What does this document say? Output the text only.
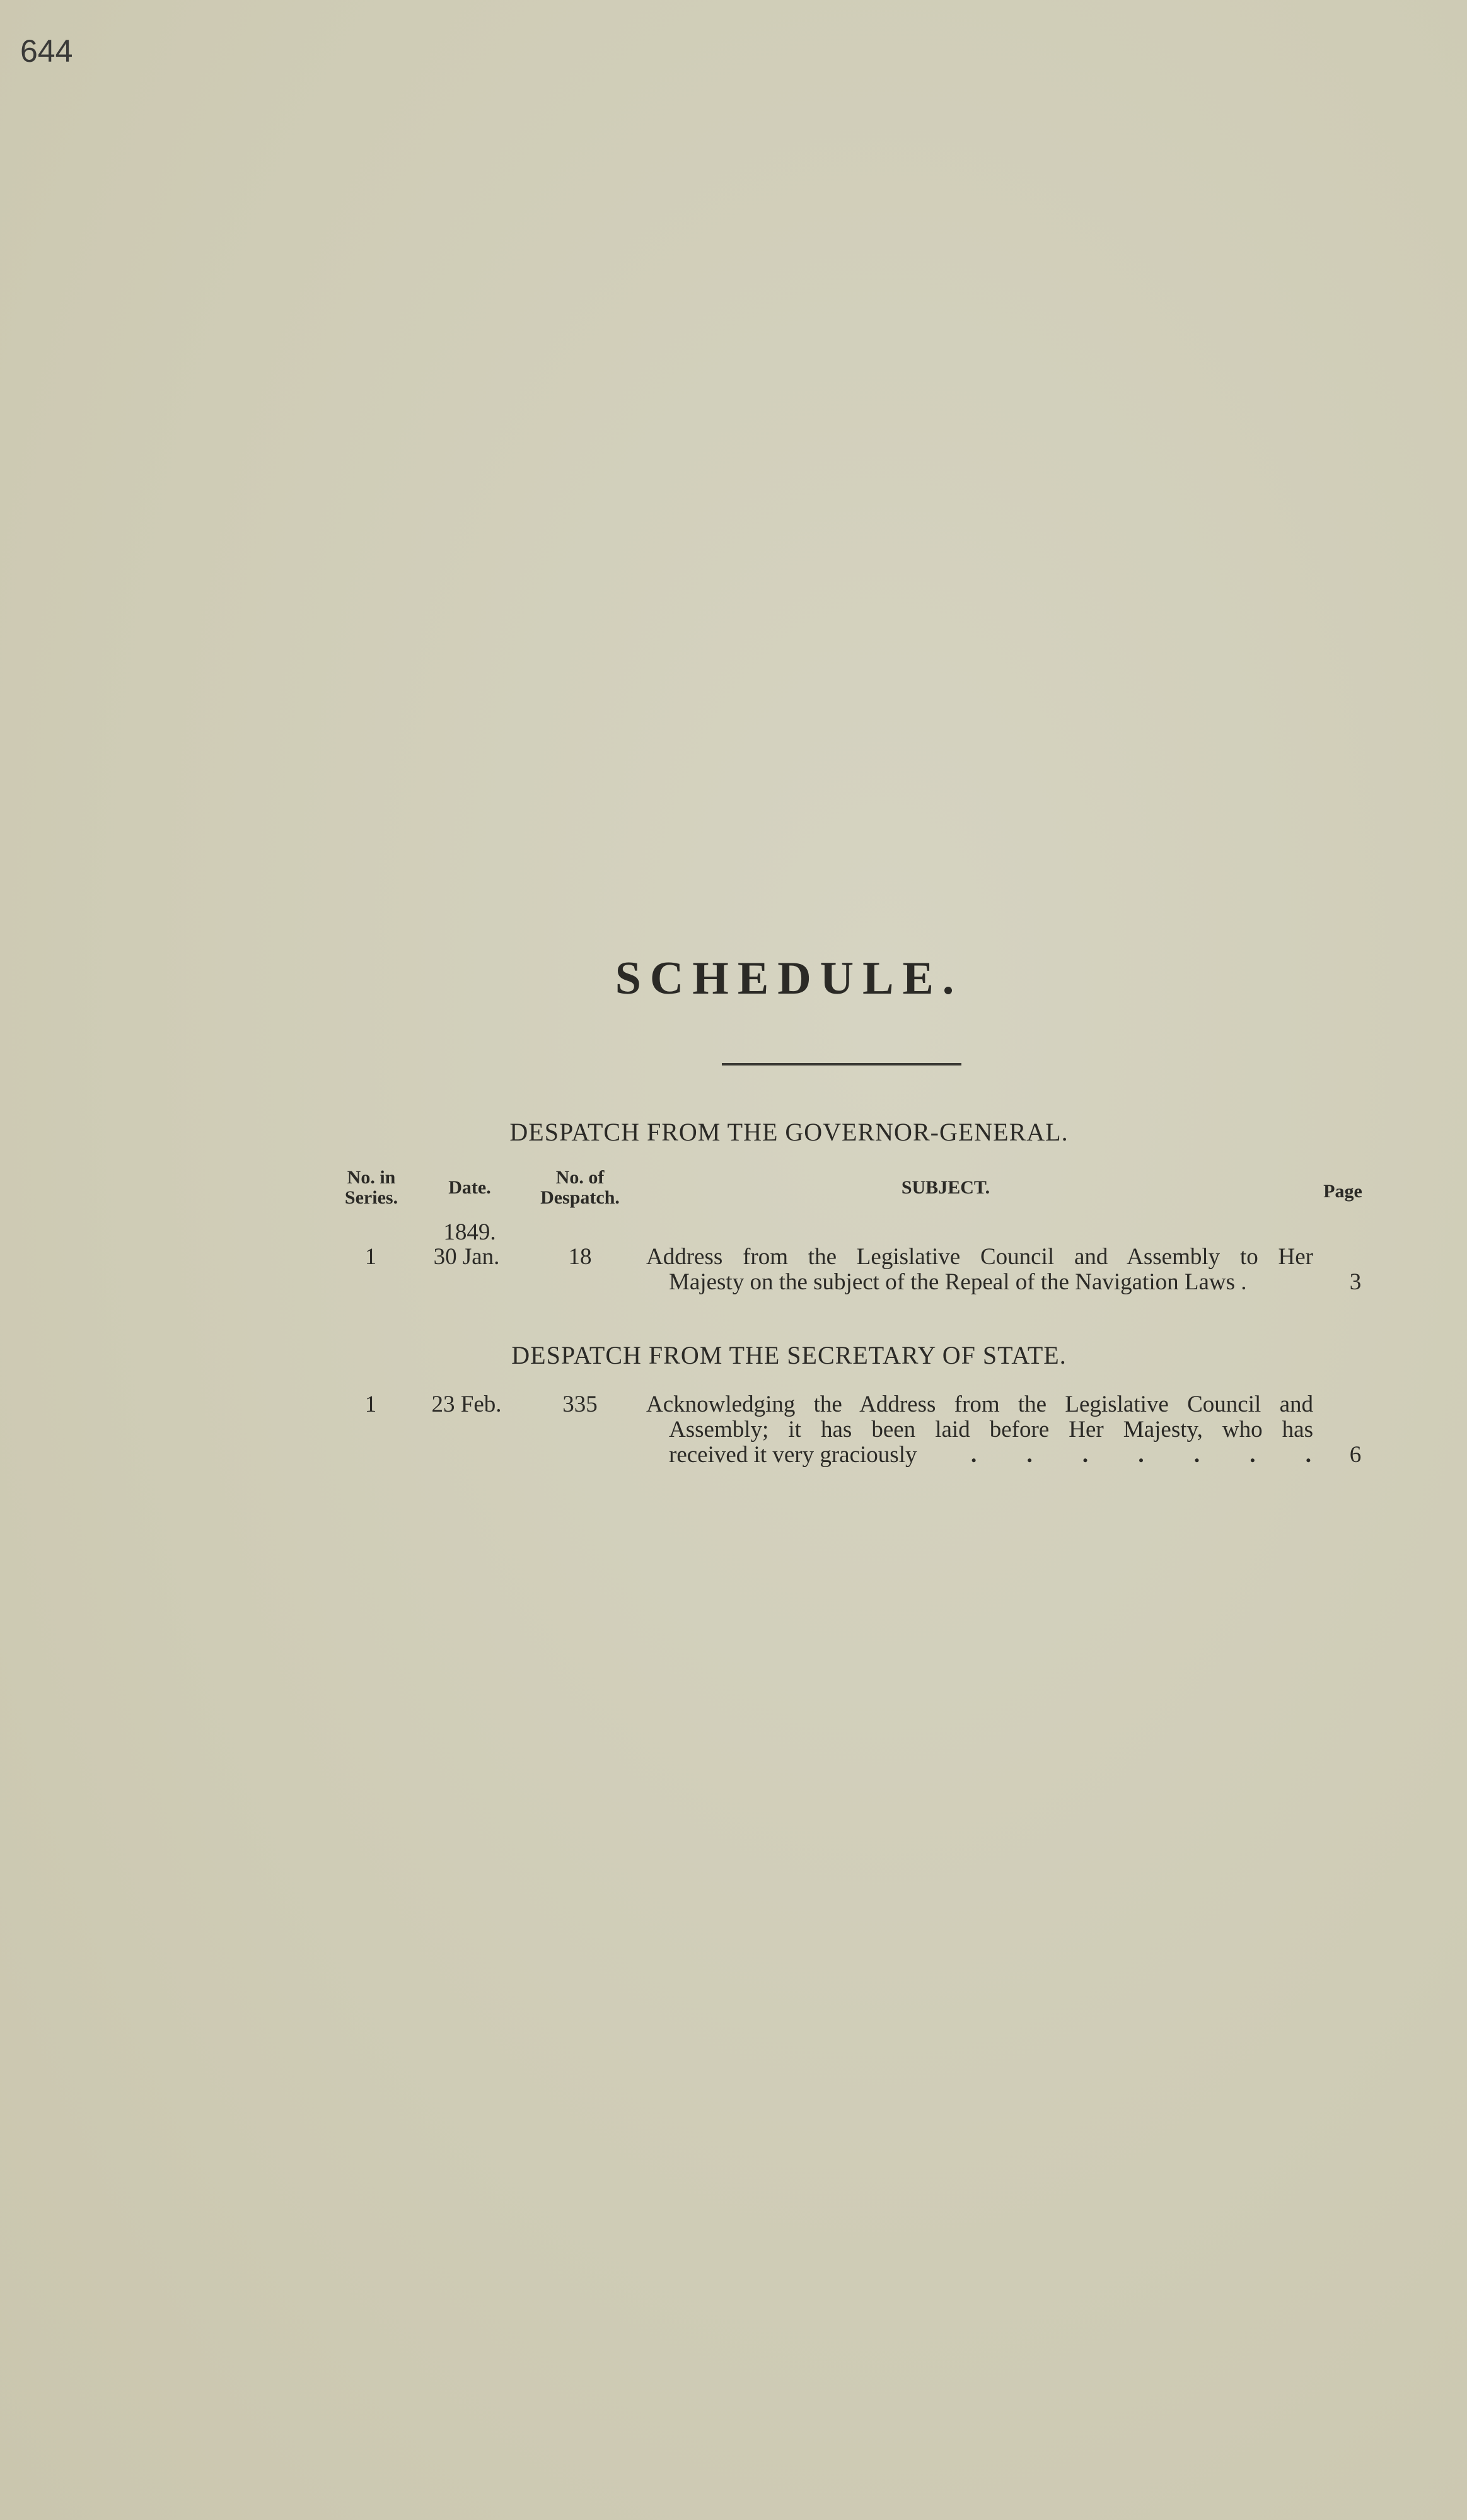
644
SCHEDULE.
DESPATCH FROM THE GOVERNOR-GENERAL.
No. in Series.	Date.	No. of Despatch.	SUBJECT.	Page
1849.
1	30 Jan.	18	Address from the Legislative Council and Assembly to Her
Majesty on the subject of the Repeal of the Navigation Laws .	3
DESPATCH FROM THE SECRETARY OF STATE.
1	23 Feb.	335	Acknowledging the Address from the Legislative Council and
Assembly; it has been laid before Her Majesty, who has
received it very graciously	. . . . . . . 6
